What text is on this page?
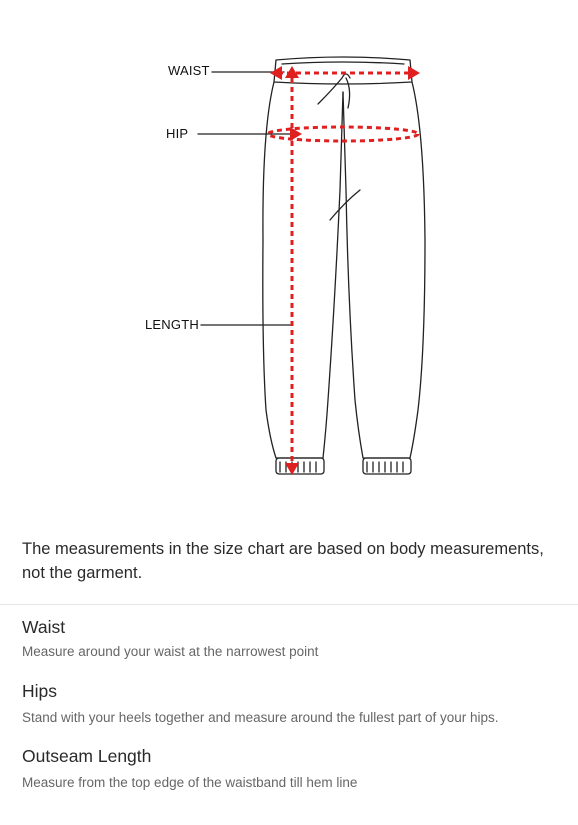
WAIST
HIP
LENGTH
The measurements in the size chart are based on body measurements, not the garment.
Waist

Measure around your waist at the narrowest point

Hips

Stand with your heels together and measure around the fullest part of your hips.

Outseam Length

Measure from the top edge of the waistband till hem line
